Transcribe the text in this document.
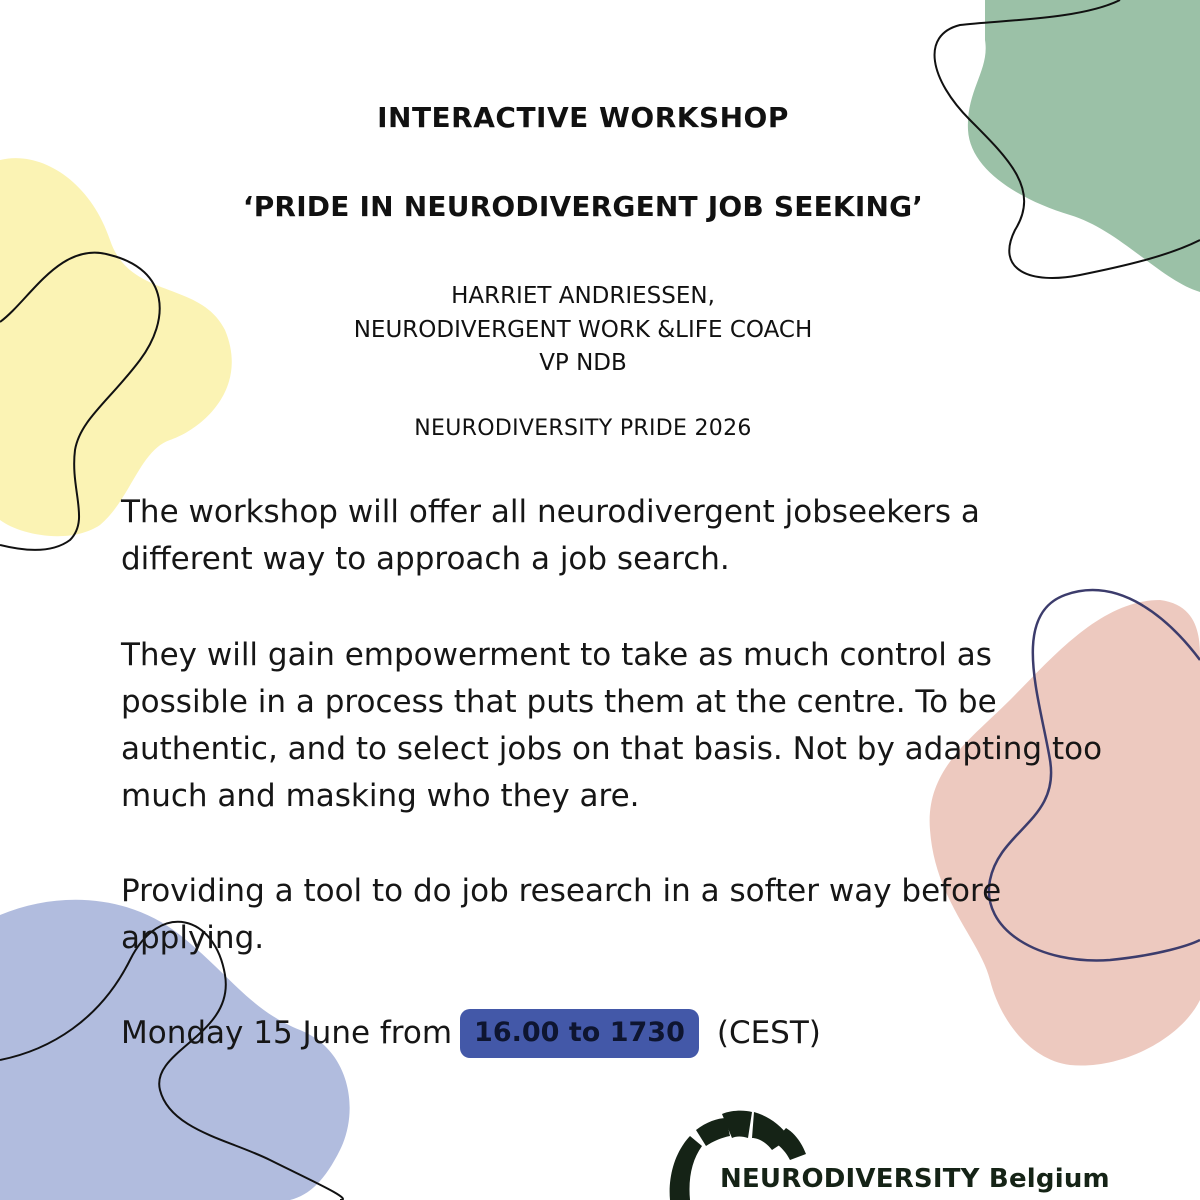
INTERACTIVE WORKSHOP
‘PRIDE IN NEURODIVERGENT JOB SEEKING’
HARRIET ANDRIESSEN,
NEURODIVERGENT WORK &LIFE COACH
VP NDB
NEURODIVERSITY PRIDE 2026

The workshop will offer all neurodivergent jobseekers a different way to approach a job search.

They will gain empowerment to take as much control as possible in a process that puts them at the centre. To be authentic, and to select jobs on that basis. Not by adapting too much and masking who they are.

Providing a tool to do job research in a softer way before applying.

Monday 15 June from 16.00 to 1730	(CEST)
NEURODIVERSITY Belgium
